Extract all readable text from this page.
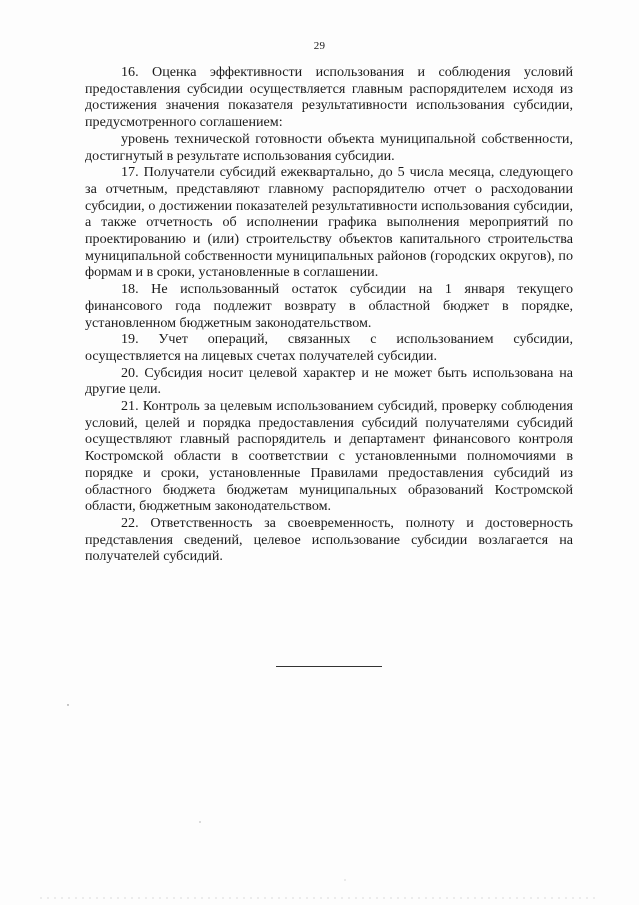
29

16. Оценка эффективности использования и соблюдения условий предоставления субсидии осуществляется главным распорядителем исходя из достижения значения показателя результативности использования субсидии, предусмотренного соглашением:

уровень технической готовности объекта муниципальной собственности, достигнутый в результате использования субсидии.

17. Получатели субсидий ежеквартально, до 5 числа месяца, следующего за отчетным, представляют главному распорядителю отчет о расходовании субсидии, о достижении показателей результативности использования субсидии, а также отчетность об исполнении графика выполнения мероприятий по проектированию и (или) строительству объектов капитального строительства муниципальной собственности муниципальных районов (городских округов), по формам и в сроки, установленные в соглашении.

18. Не использованный остаток субсидии на 1 января текущего финансового года подлежит возврату в областной бюджет в порядке, установленном бюджетным законодательством.

19. Учет операций, связанных с использованием субсидии, осуществляется на лицевых счетах получателей субсидии.

20. Субсидия носит целевой характер и не может быть использована на другие цели.

21. Контроль за целевым использованием субсидий, проверку соблюдения условий, целей и порядка предоставления субсидий получателями субсидий осуществляют главный распорядитель и департамент финансового контроля Костромской области в соответствии с установленными полномочиями в порядке и сроки, установленные Правилами предоставления субсидий из областного бюджета бюджетам муниципальных образований Костромской области, бюджетным законодательством.

22. Ответственность за своевременность, полноту и достоверность представления сведений, целевое использование субсидии возлагается на получателей субсидий.
